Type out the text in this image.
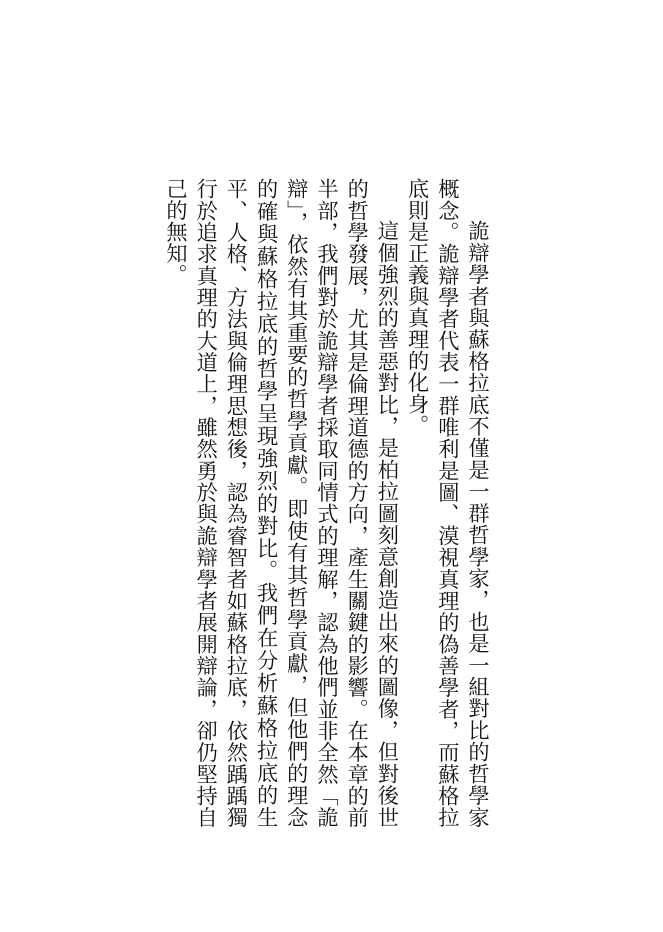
詭辯學者與蘇格拉底不僅是一群哲學家，也是一組對比的哲學家概念。詭辯學者代表一群唯利是圖、漠視真理的偽善學者，而蘇格拉底則是正義與真理的化身。

這個強烈的善惡對比，是柏拉圖刻意創造出來的圖像，但對後世的哲學發展，尤其是倫理道德的方向，產生關鍵的影響。在本章的前半部，我們對於詭辯學者採取同情式的理解，認為他們並非全然「詭辯」，依然有其重要的哲學貢獻。即使有其哲學貢獻，但他們的理念的確與蘇格拉底的哲學呈現強烈的對比。我們在分析蘇格拉底的生平、人格、方法與倫理思想後，認為睿智者如蘇格拉底，依然踽踽獨行於追求真理的大道上，雖然勇於與詭辯學者展開辯論，卻仍堅持自己的無知。
